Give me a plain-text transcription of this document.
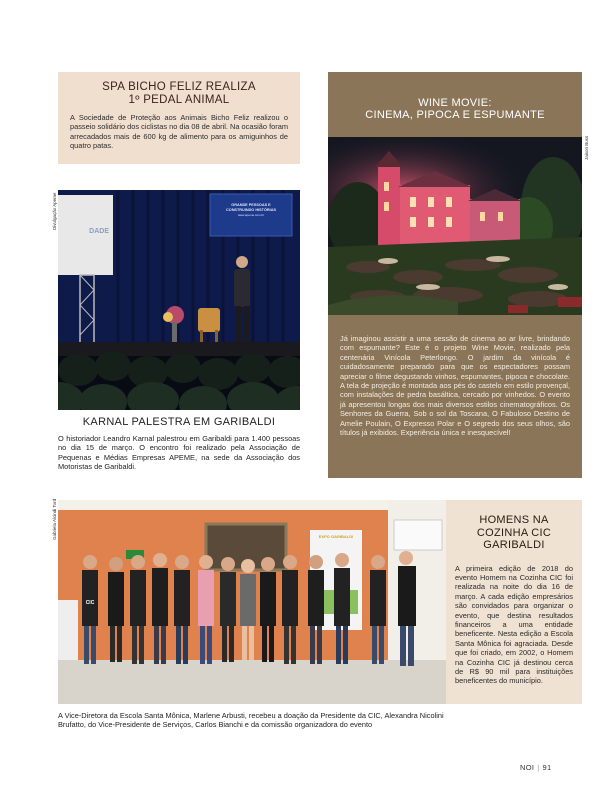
SPA BICHO FELIZ REALIZA
1º PEDAL ANIMAL

A Sociedade de Proteção aos Animais Bicho Feliz realizou o passeio solidário dos ciclistas no dia 08 de abril. Na ocasião foram arrecadados mais de 600 kg de alimento para os amiguinhos de quatro patas.

WINE MOVIE:
CINEMA, PIPOCA E ESPUMANTE

Já imaginou assistir a uma sessão de cinema ao ar livre, brindando com espumante? Este é o projeto Wine Movie, realizado pela centenária Vinícola Peterlongo. O jardim da vinícola é cuidadosamente preparado para que os espectadores possam apreciar o filme degustando vinhos, espumantes, pipoca e chocolate. A tela de projeção é montada aos pés do castelo em estilo provençal, com instalações de pedra basáltica, cercado por vinhedos. O evento já apresentou longas dos mais diversos estilos cinematográficos. Os Senhores da Guerra, Sob o sol da Toscana, O Fabuloso Destino de Amelie Poulain, O Expresso Polar e O segredo dos seus olhos, são títulos já exibidos. Experiência única e inesquecível!

Jaison Buss
DADE
GRANDE PESSOAS E
CONSTRUINDO HISTÓRIAS
www.apeme.com.br
Divulgação Apeme
KARNAL PALESTRA EM GARIBALDI

O historiador Leandro Karnal palestrou em Garibaldi para 1.400 pessoas no dia 15 de março. O encontro foi realizado pela Associação de Pequenas e Médias Empresas APEME, na sede da Associação dos Motoristas de Garibaldi.

EXPO GARIBALDI
CIC
Gabriela Alcindi Tord

A Vice-Diretora da Escola Santa Mônica, Marlene Arbusti, recebeu a doação da Presidente da CIC, Alexandra Nicolini Brufatto, do Vice-Presidente de Serviços, Carlos Bianchi e da comissão organizadora do evento

HOMENS NA
COZINHA CIC
GARIBALDI

A primeira edição de 2018 do evento Homem na Cozinha CIC foi realizada na noite do dia 16 de março. A cada edição empresários são convidados para organizar o evento, que destina resultados financeiros a uma entidade beneficente. Nesta edição a Escola Santa Mônica foi agraciada. Desde que foi criado, em 2002, o Homem na Cozinha CIC já destinou cerca de R$ 90 mil para instituições beneficentes do município.

NOI | 91
